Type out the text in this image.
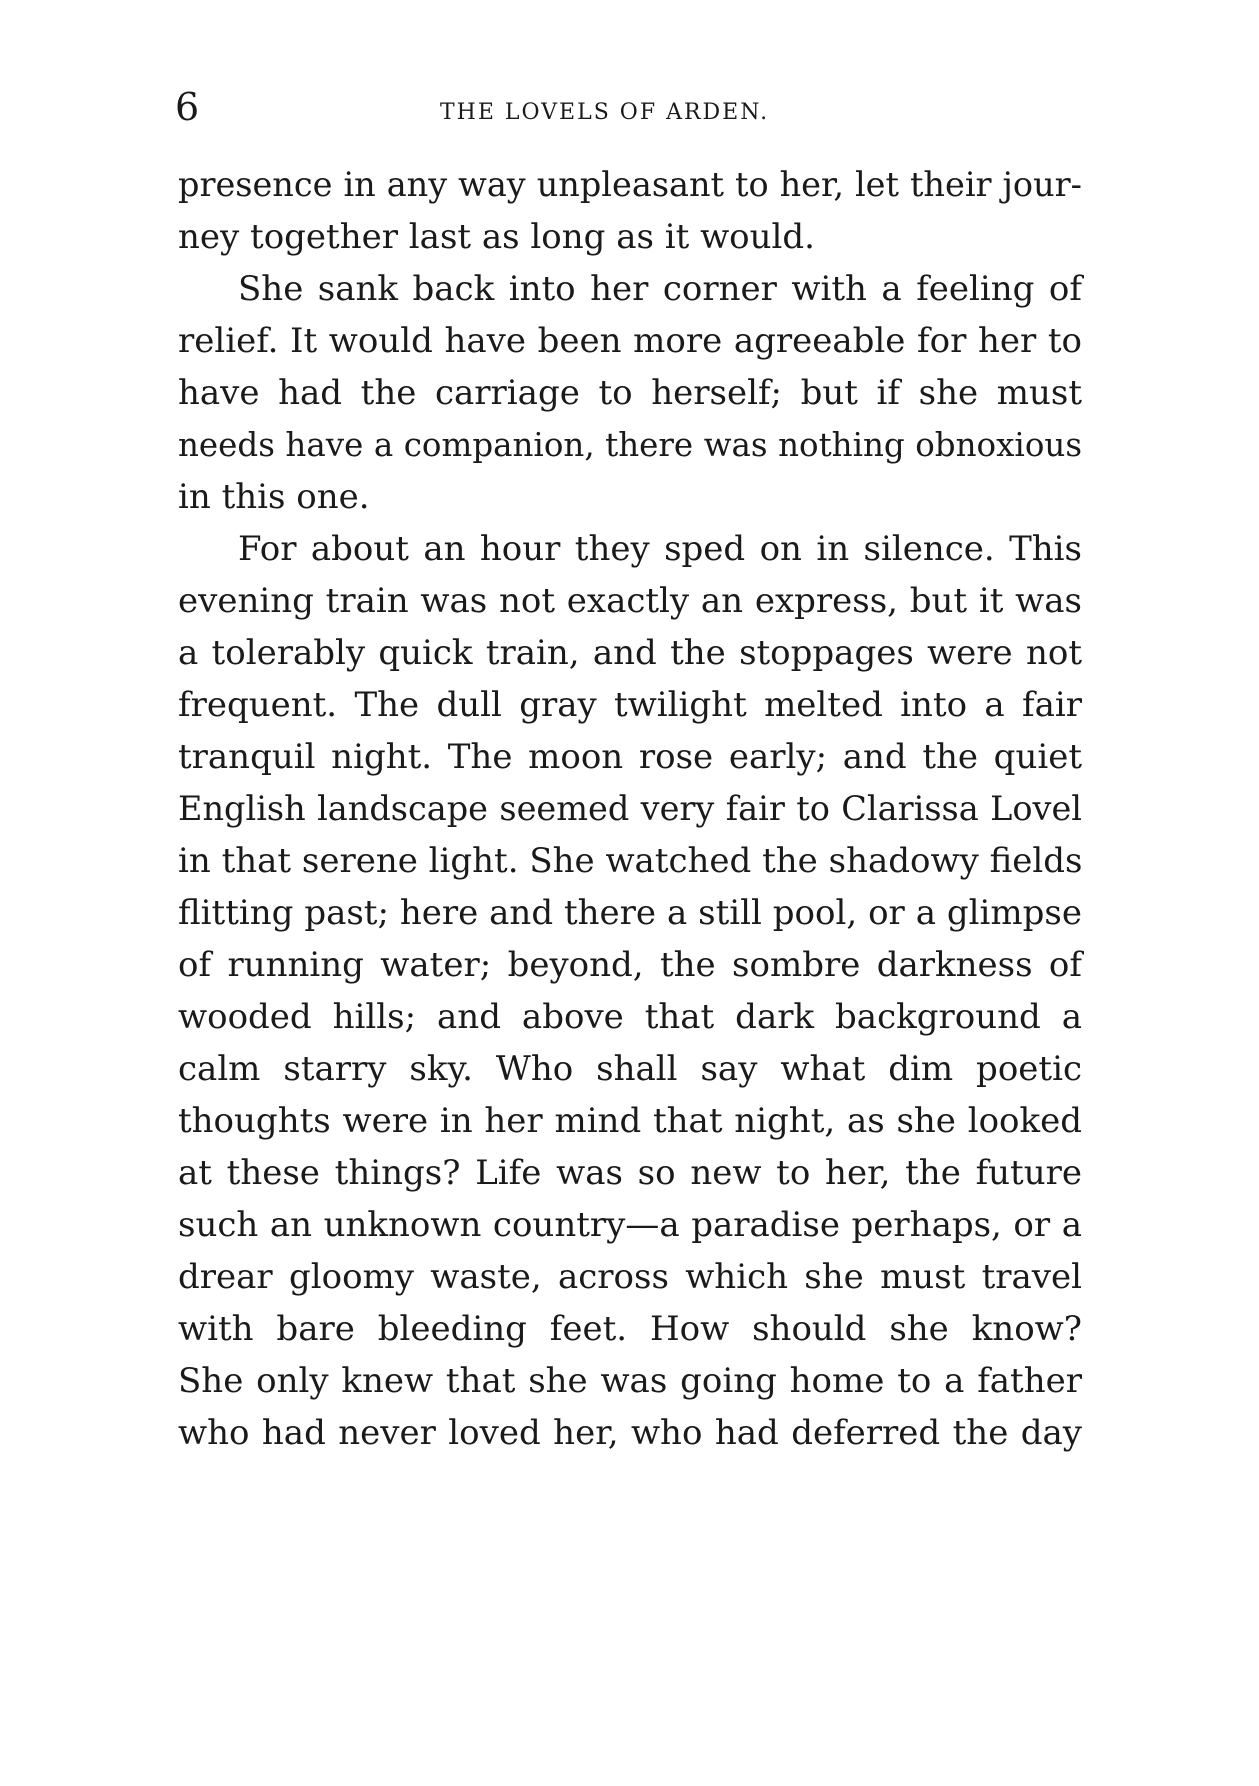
6	THE LOVELS OF ARDEN.
presence in any way unpleasant to her, let their jour-
ney together last as long as it would.
She sank back into her corner with a feeling of
relief. It would have been more agreeable for her to
have had the carriage to herself; but if she must
needs have a companion, there was nothing obnoxious
in this one.
For about an hour they sped on in silence. This
evening train was not exactly an express, but it was
a tolerably quick train, and the stoppages were not
frequent. The dull gray twilight melted into a fair
tranquil night. The moon rose early; and the quiet
English landscape seemed very fair to Clarissa Lovel
in that serene light. She watched the shadowy fields
flitting past; here and there a still pool, or a glimpse
of running water; beyond, the sombre darkness of
wooded hills; and above that dark background a
calm starry sky. Who shall say what dim poetic
thoughts were in her mind that night, as she looked
at these things? Life was so new to her, the future
such an unknown country—a paradise perhaps, or a
drear gloomy waste, across which she must travel
with bare bleeding feet. How should she know?
She only knew that she was going home to a father
who had never loved her, who had deferred the day
